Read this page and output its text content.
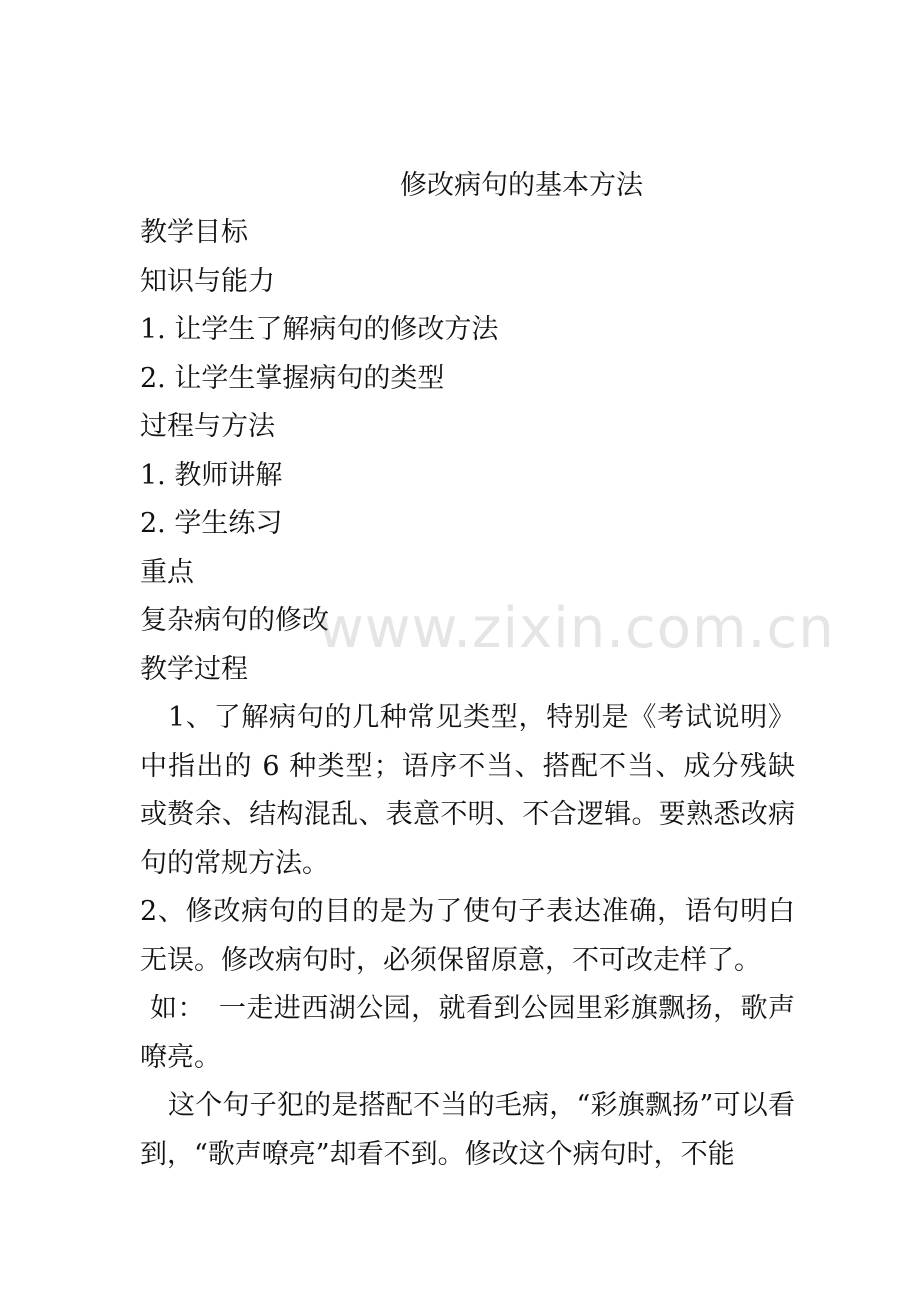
修改病句的基本方法
教学目标
知识与能力
1. 让学生了解病句的修改方法
2. 让学生掌握病句的类型
过程与方法
1. 教师讲解
2. 学生练习
重点
复杂病句的修改
教学过程

1、了解病句的几种常见类型，特别是《考试说明》中指出的 6 种类型；语序不当、搭配不当、成分残缺或赘余、结构混乱、表意不明、不合逻辑。要熟悉改病句的常规方法。

2、修改病句的目的是为了使句子表达准确，语句明白无误。修改病句时，必须保留原意，不可改走样了。

如：　一走进西湖公园，就看到公园里彩旗飘扬，歌声嘹亮。

这个句子犯的是搭配不当的毛病，“彩旗飘扬”可以看到，“歌声嘹亮”却看不到。修改这个病句时，不能

www.zixin.com.cn
